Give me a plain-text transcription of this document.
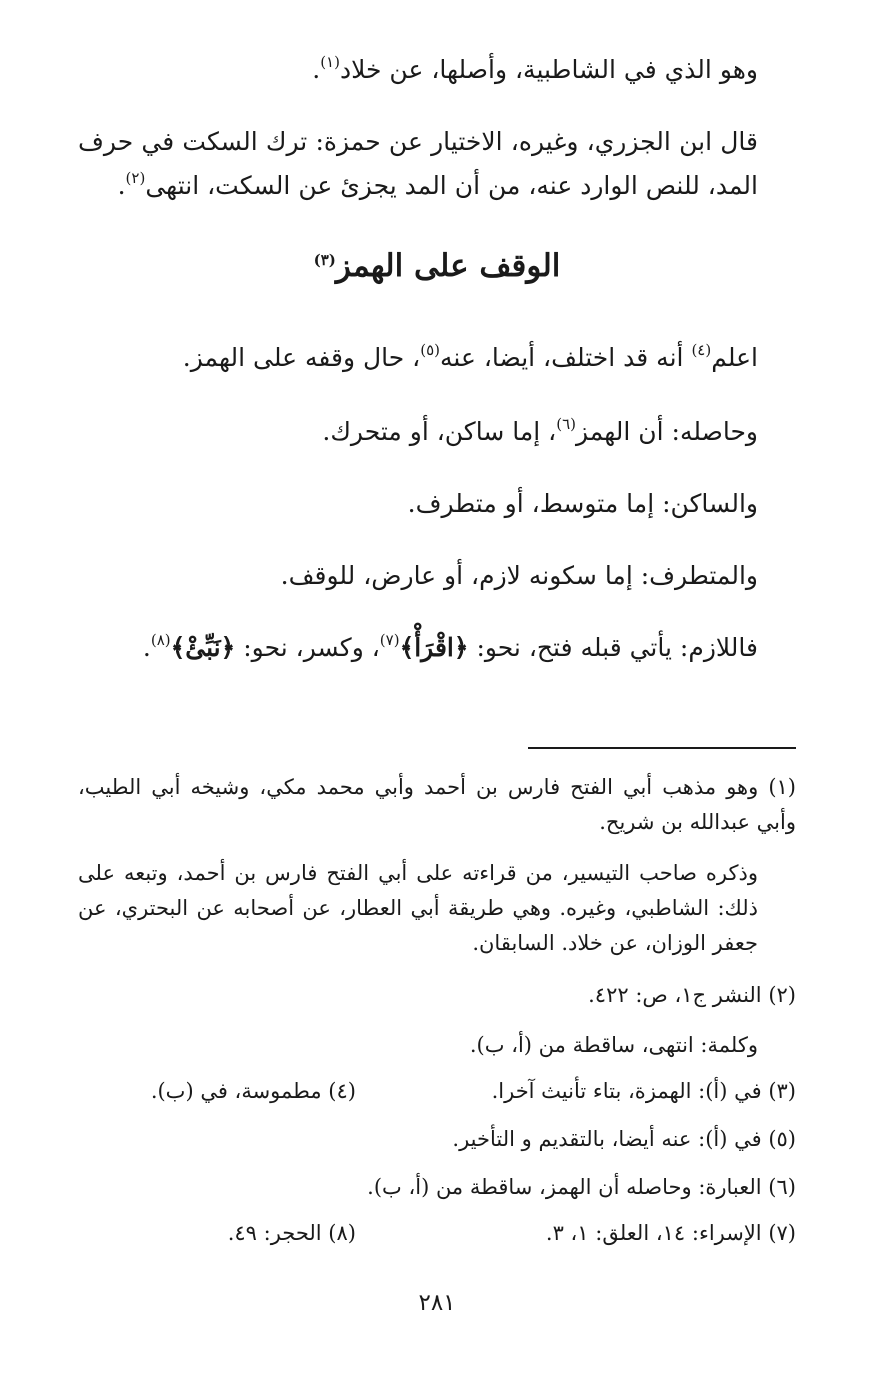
وهو الذي في الشاطبية، وأصلها، عن خلاد$^{(١)}$.

قال ابن الجزري، وغيره، الاختيار عن حمزة: ترك السكت في حرف المد، للنص الوارد عنه، من أن المد يجزئ عن السكت، انتهى$^{(٢)}$.

الوقف على الهمز$^{(٣)}$

اعلم$^{(٤)}$ أنه قد اختلف، أيضا، عنه$^{(٥)}$، حال وقفه على الهمز.

وحاصله: أن الهمز$^{(٦)}$، إما ساكن، أو متحرك.

والساكن: إما متوسط، أو متطرف.

والمتطرف: إما سكونه لازم، أو عارض، للوقف.

فاللازم: يأتي قبله فتح، نحو: ﴿اقْرَأْ﴾$^{(٧)}$، وكسر، نحو: ﴿نَبِّئْ﴾$^{(٨)}$.

(١) وهو مذهب أبي الفتح فارس بن أحمد وأبي محمد مكي، وشيخه أبي الطيب، وأبي عبدالله بن شريح.

وذكره صاحب التيسير، من قراءته على أبي الفتح فارس بن أحمد، وتبعه على ذلك: الشاطبي، وغيره. وهي طريقة أبي العطار، عن أصحابه عن البحتري، عن جعفر الوزان، عن خلاد. السابقان.

(٢) النشر ج١، ص: ٤٢٢.

وكلمة: انتهى، ساقطة من (أ، ب).

(٣) في (أ): الهمزة، بتاء تأنيث آخرا.
(٤) مطموسة، في (ب).

(٥) في (أ): عنه أيضا، بالتقديم و التأخير.

(٦) العبارة: وحاصله أن الهمز، ساقطة من (أ، ب).

(٧) الإسراء: ١٤، العلق: ١، ٣.
(٨) الحجر: ٤٩.
٢٨١
